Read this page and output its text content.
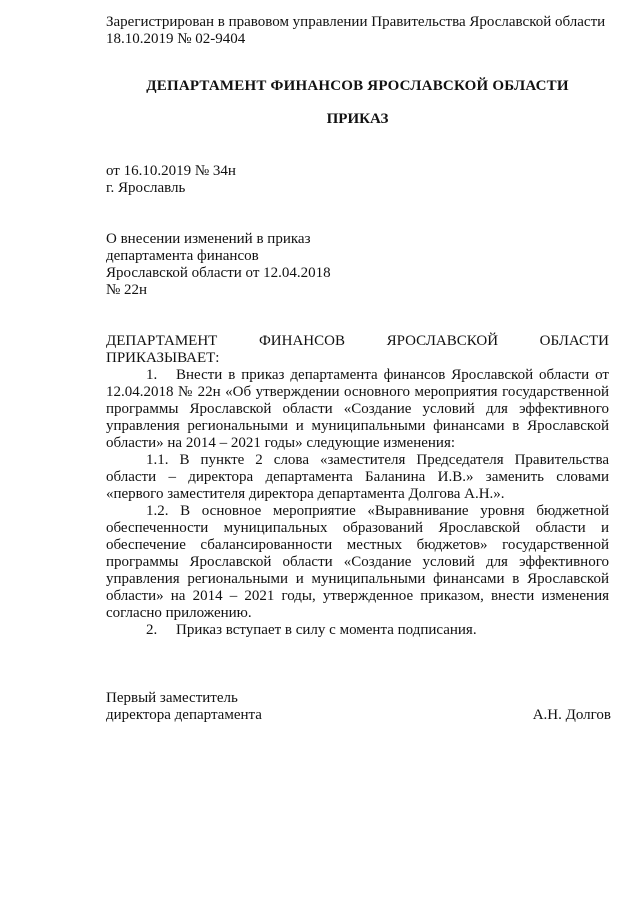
Зарегистрирован в правовом управлении Правительства Ярославской области
18.10.2019 № 02-9404
ДЕПАРТАМЕНТ ФИНАНСОВ ЯРОСЛАВСКОЙ ОБЛАСТИ
ПРИКАЗ
от 16.10.2019 № 34н
г. Ярославль
О внесении изменений в приказ
департамента финансов
Ярославской области от 12.04.2018
№ 22н
ДЕПАРТАМЕНТ ФИНАНСОВ ЯРОСЛАВСКОЙ ОБЛАСТИ
ПРИКАЗЫВАЕТ:

1. Внести в приказ департамента финансов Ярославской области от 12.04.2018 № 22н «Об утверждении основного мероприятия государственной программы Ярославской области «Создание условий для эффективного управления региональными и муниципальными финансами в Ярославской области» на 2014 – 2021 годы» следующие изменения:

1.1. В пункте 2 слова «заместителя Председателя Правительства области – директора департамента Баланина И.В.» заменить словами «первого заместителя директора департамента Долгова А.Н.».

1.2. В основное мероприятие «Выравнивание уровня бюджетной обеспеченности муниципальных образований Ярославской области и обеспечение сбалансированности местных бюджетов» государственной программы Ярославской области «Создание условий для эффективного управления региональными и муниципальными финансами в Ярославской области» на 2014 – 2021 годы, утвержденное приказом, внести изменения согласно приложению.

2. Приказ вступает в силу с момента подписания.

Первый заместитель
директора департамента	А.Н. Долгов
